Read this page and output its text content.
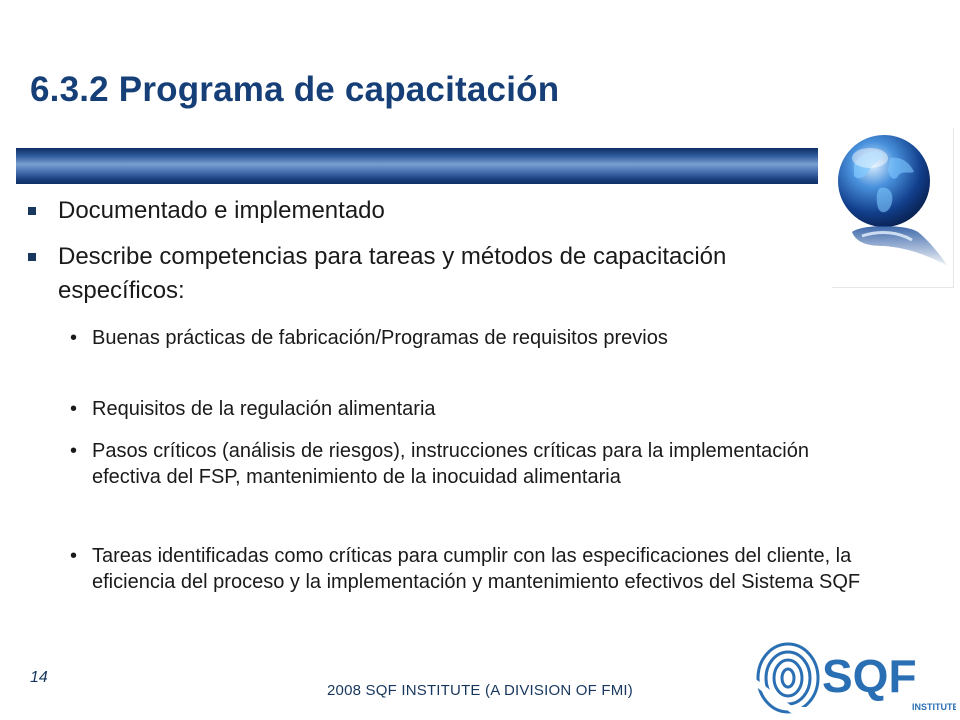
6.3.2 Programa de capacitación
Documentado e implementado
Describe competencias para tareas y métodos de capacitación específicos:
• Buenas prácticas de fabricación/Programas de requisitos previos
• Requisitos de la regulación alimentaria
• Pasos críticos (análisis de riesgos), instrucciones críticas para la implementación efectiva del FSP, mantenimiento de la inocuidad alimentaria
• Tareas identificadas como críticas para cumplir con las especificaciones del cliente, la eficiencia del proceso y la implementación y mantenimiento efectivos del Sistema SQF
14
2008 SQF INSTITUTE (A DIVISION OF FMI)	SQF
INSTITUTE
